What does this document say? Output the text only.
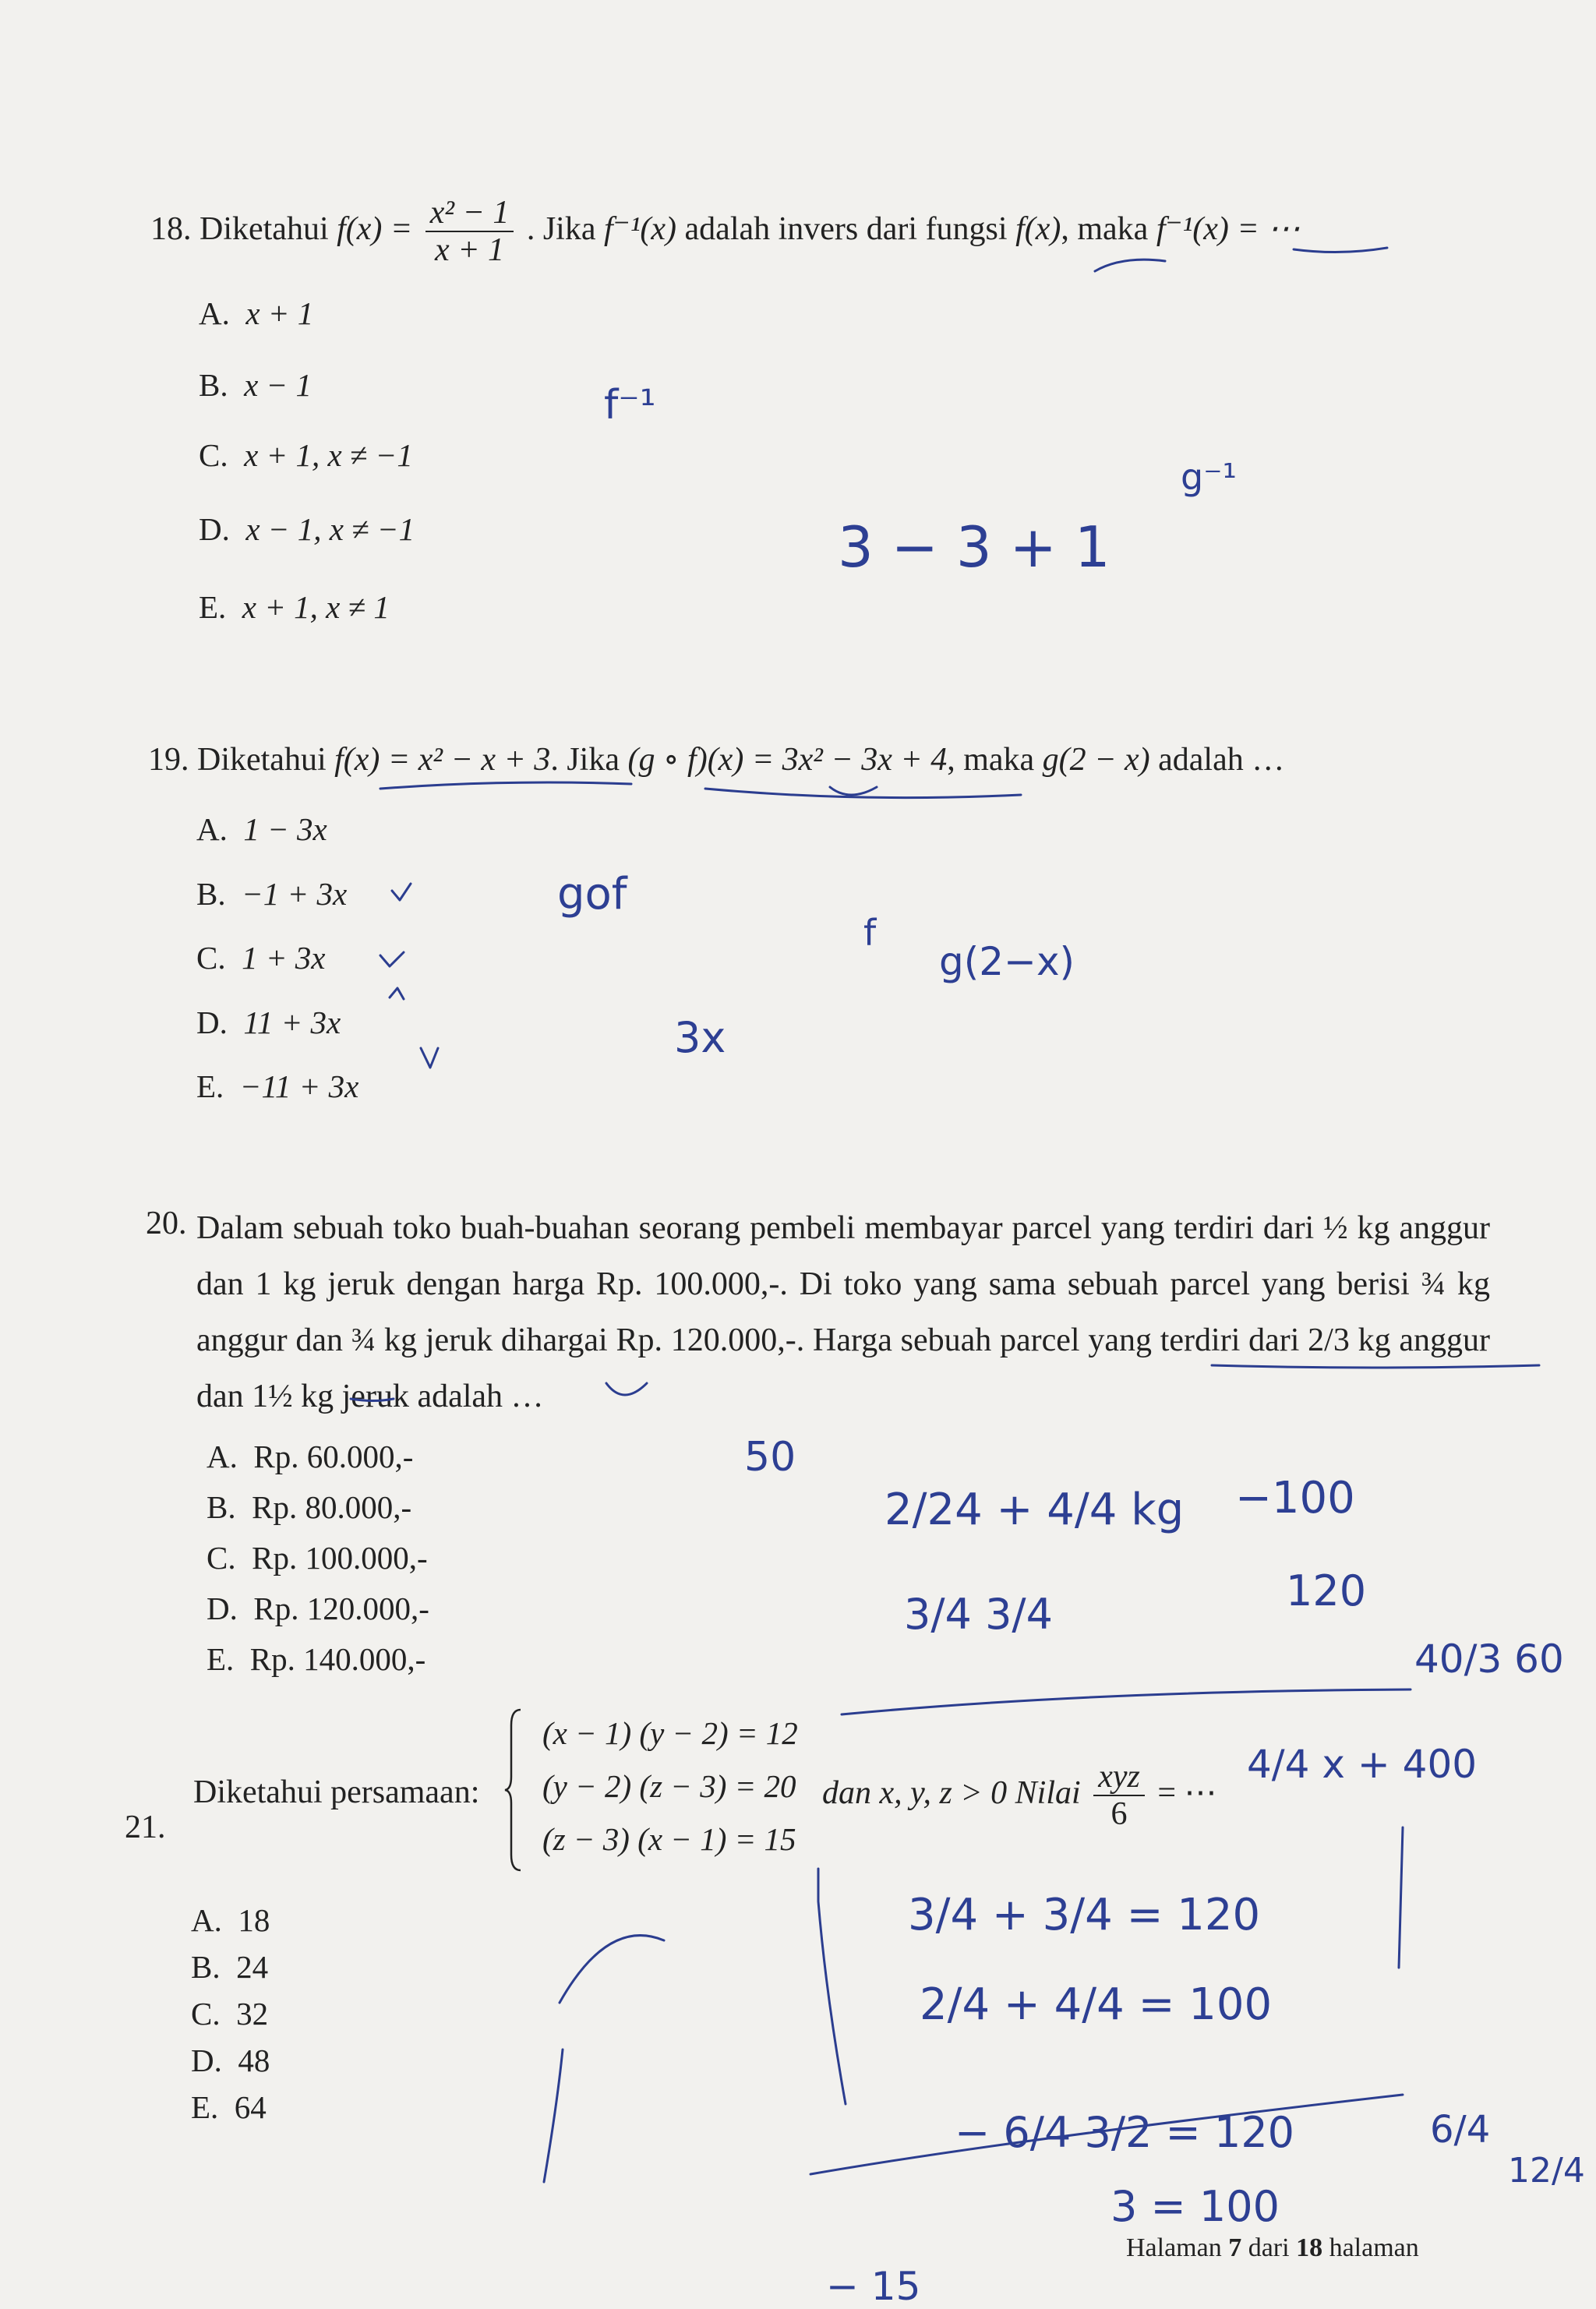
18. Diketahui $f(x) = \frac{\text{x² − 1}}{x + 1}$ . Jika f⁻¹(x) adalah invers dari fungsi f(x), maka f⁻¹(x) = ⋯
A. x + 1
B. x − 1
C. x + 1, x ≠ −1
D. x − 1, x ≠ −1
E. x + 1, x ≠ 1
19. Diketahui f(x) = x² − x + 3. Jika (g ∘ f)(x) = 3x² − 3x + 4, maka g(2 − x) adalah …
A. 1 − 3x
B. −1 + 3x
C. 1 + 3x
D. 11 + 3x
E. −11 + 3x
20. Dalam sebuah toko buah-buahan seorang pembeli membayar parcel yang terdiri dari ½ kg anggur dan 1 kg jeruk dengan harga Rp. 100.000,-. Di toko yang sama sebuah parcel yang berisi ¾ kg anggur dan ¾ kg jeruk dihargai Rp. 120.000,-. Harga sebuah parcel yang terdiri dari 2/3 kg anggur dan 1½ kg jeruk adalah …
A. Rp. 60.000,-
B. Rp. 80.000,-
C. Rp. 100.000,-
D. Rp. 120.000,-
E. Rp. 140.000,-
21.
Diketahui persamaan:
(x − 1) (y − 2) = 12
(y − 2) (z − 3) = 20
(z − 3) (x − 1) = 15
dan x, y, z > 0 Nilai $\frac{\text{xyz}}{6}$ = ⋯
A. 18
B. 24
C. 32
D. 48
E. 64
f⁻¹
g⁻¹
3 − 3 + 1
gof
f
g(2−x)
3x
50
2/24 + 4/4 kg −100
120
3/4 3/4
40/3 60
4/4 x + 400
3/4 + 3/4 = 120
2/4 + 4/4 = 100
− 6/4 3/2 = 120
3 = 100
6/4
12/4
− 15
Halaman 7 dari 18 halaman
